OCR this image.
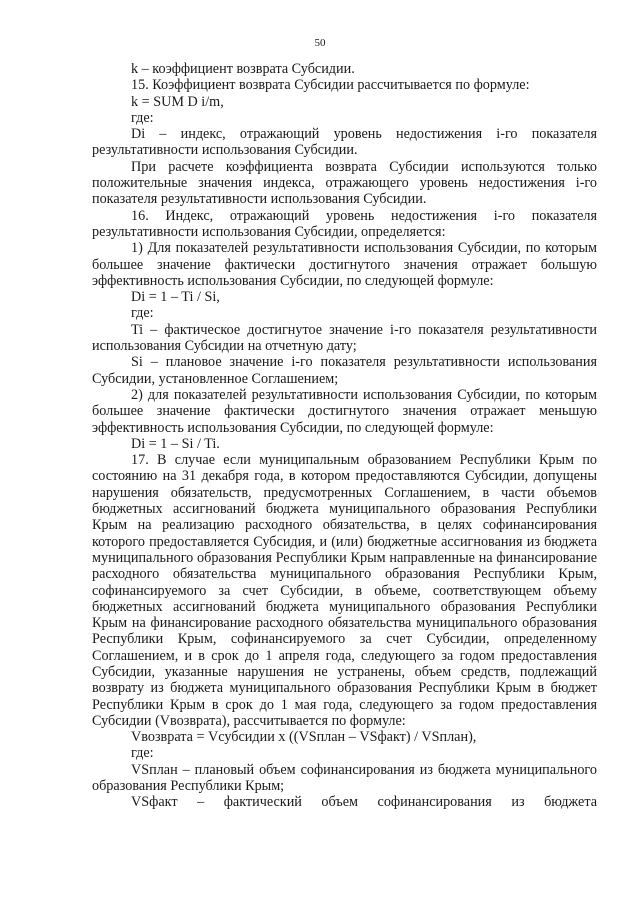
50

k – коэффициент возврата Субсидии.

15. Коэффициент возврата Субсидии рассчитывается по формуле:

k = SUM D i/m,

где:

Di – индекс, отражающий уровень недостижения i-го показателя результативности использования Субсидии.

При расчете коэффициента возврата Субсидии используются только положительные значения индекса, отражающего уровень недостижения i-го показателя результативности использования Субсидии.

16. Индекс, отражающий уровень недостижения i-го показателя результативности использования Субсидии, определяется:

1) Для показателей результативности использования Субсидии, по которым большее значение фактически достигнутого значения отражает большую эффективность использования Субсидии, по следующей формуле:

Di = 1 – Ti / Si,

где:

Ti – фактическое достигнутое значение i-го показателя результативности использования Субсидии на отчетную дату;

Si – плановое значение i-го показателя результативности использования Субсидии, установленное Соглашением;

2) для показателей результативности использования Субсидии, по которым большее значение фактически достигнутого значения отражает меньшую эффективность использования Субсидии, по следующей формуле:

Di = 1 – Si / Ti.

17. В случае если муниципальным образованием Республики Крым по состоянию на 31 декабря года, в котором предоставляются Субсидии, допущены нарушения обязательств, предусмотренных Соглашением, в части объемов бюджетных ассигнований бюджета муниципального образования Республики Крым на реализацию расходного обязательства, в целях софинансирования которого предоставляется Субсидия, и (или) бюджетные ассигнования из бюджета муниципального образования Республики Крым направленные на финансирование расходного обязательства муниципального образования Республики Крым, софинансируемого за счет Субсидии, в объеме, соответствующем объему бюджетных ассигнований бюджета муниципального образования Республики Крым на финансирование расходного обязательства муниципального образования Республики Крым, софинансируемого за счет Субсидии, определенному Соглашением, и в срок до 1 апреля года, следующего за годом предоставления Субсидии, указанные нарушения не устранены, объем средств, подлежащий возврату из бюджета муниципального образования Республики Крым в бюджет Республики Крым в срок до 1 мая года, следующего за годом предоставления Субсидии (Vвозврата), рассчитывается по формуле:

Vвозврата = Vсубсидии x ((VSплан – VSфакт) / VSплан),

где:

VSплан – плановый объем софинансирования из бюджета муниципального образования Республики Крым;

VSфакт – фактический объем софинансирования из бюджета
